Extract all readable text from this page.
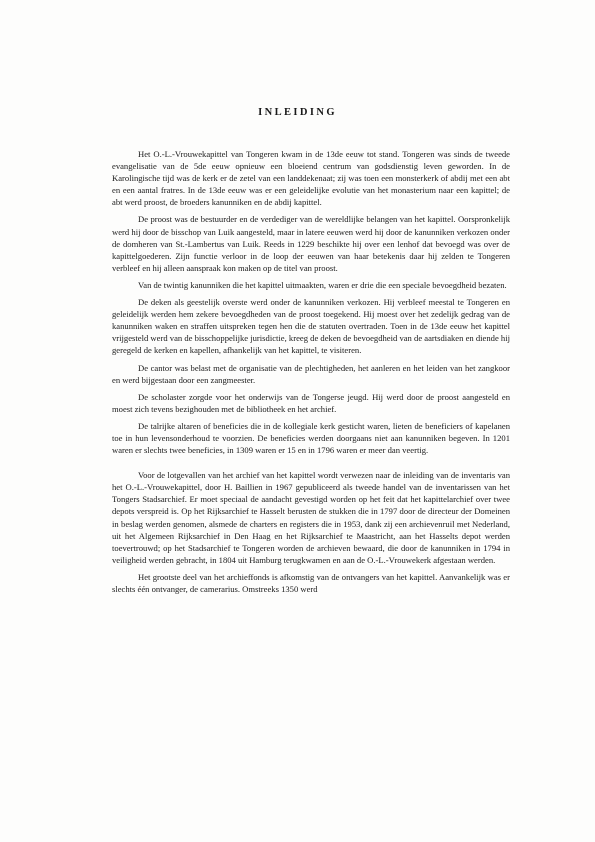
INLEIDING

Het O.-L.-Vrouwekapittel van Tongeren kwam in de 13de eeuw tot stand. Tongeren was sinds de tweede evangelisatie van de 5de eeuw opnieuw een bloeiend centrum van godsdienstig leven geworden. In de Karolingische tijd was de kerk er de zetel van een landdekenaat; zij was toen een monsterkerk of abdij met een abt en een aantal fratres. In de 13de eeuw was er een geleidelijke evolutie van het monasterium naar een kapittel; de abt werd proost, de broeders kanunniken en de abdij kapittel.

De proost was de bestuurder en de verdediger van de wereldlijke belangen van het kapittel. Oorspronkelijk werd hij door de bisschop van Luik aangesteld, maar in latere eeuwen werd hij door de kanunniken verkozen onder de domheren van St.-Lambertus van Luik. Reeds in 1229 beschikte hij over een lenhof dat bevoegd was over de kapittelgoederen. Zijn functie verloor in de loop der eeuwen van haar betekenis daar hij zelden te Tongeren verbleef en hij alleen aanspraak kon maken op de titel van proost.

Van de twintig kanunniken die het kapittel uitmaakten, waren er drie die een speciale bevoegdheid bezaten.

De deken als geestelijk overste werd onder de kanunniken verkozen. Hij verbleef meestal te Tongeren en geleidelijk werden hem zekere bevoegdheden van de proost toegekend. Hij moest over het zedelijk gedrag van de kanunniken waken en straffen uitspreken tegen hen die de statuten overtraden. Toen in de 13de eeuw het kapittel vrijgesteld werd van de bisschoppelijke jurisdictie, kreeg de deken de bevoegdheid van de aartsdiaken en diende hij geregeld de kerken en kapellen, afhankelijk van het kapittel, te visiteren.

De cantor was belast met de organisatie van de plechtigheden, het aanleren en het leiden van het zangkoor en werd bijgestaan door een zangmeester.

De scholaster zorgde voor het onderwijs van de Tongerse jeugd. Hij werd door de proost aangesteld en moest zich tevens bezighouden met de bibliotheek en het archief.

De talrijke altaren of beneficies die in de kollegiale kerk gesticht waren, lieten de beneficiers of kapelanen toe in hun levensonderhoud te voorzien. De beneficies werden doorgaans niet aan kanunniken begeven. In 1201 waren er slechts twee beneficies, in 1309 waren er 15 en in 1796 waren er meer dan veertig.

Voor de lotgevallen van het archief van het kapittel wordt verwezen naar de inleiding van de inventaris van het O.-L.-Vrouwekapittel, door H. Baillien in 1967 gepubliceerd als tweede handel van de inventarissen van het Tongers Stadsarchief. Er moet speciaal de aandacht gevestigd worden op het feit dat het kapittelarchief over twee depots verspreid is. Op het Rijksarchief te Hasselt berusten de stukken die in 1797 door de directeur der Domeinen in beslag werden genomen, alsmede de charters en registers die in 1953, dank zij een archievenruil met Nederland, uit het Algemeen Rijksarchief in Den Haag en het Rijksarchief te Maastricht, aan het Hasselts depot werden toevertrouwd; op het Stadsarchief te Tongeren worden de archieven bewaard, die door de kanunniken in 1794 in veiligheid werden gebracht, in 1804 uit Hamburg terugkwamen en aan de O.-L.-Vrouwekerk afgestaan werden.

Het grootste deel van het archieffonds is afkomstig van de ontvangers van het kapittel. Aanvankelijk was er slechts één ontvanger, de camerarius. Omstreeks 1350 werd
